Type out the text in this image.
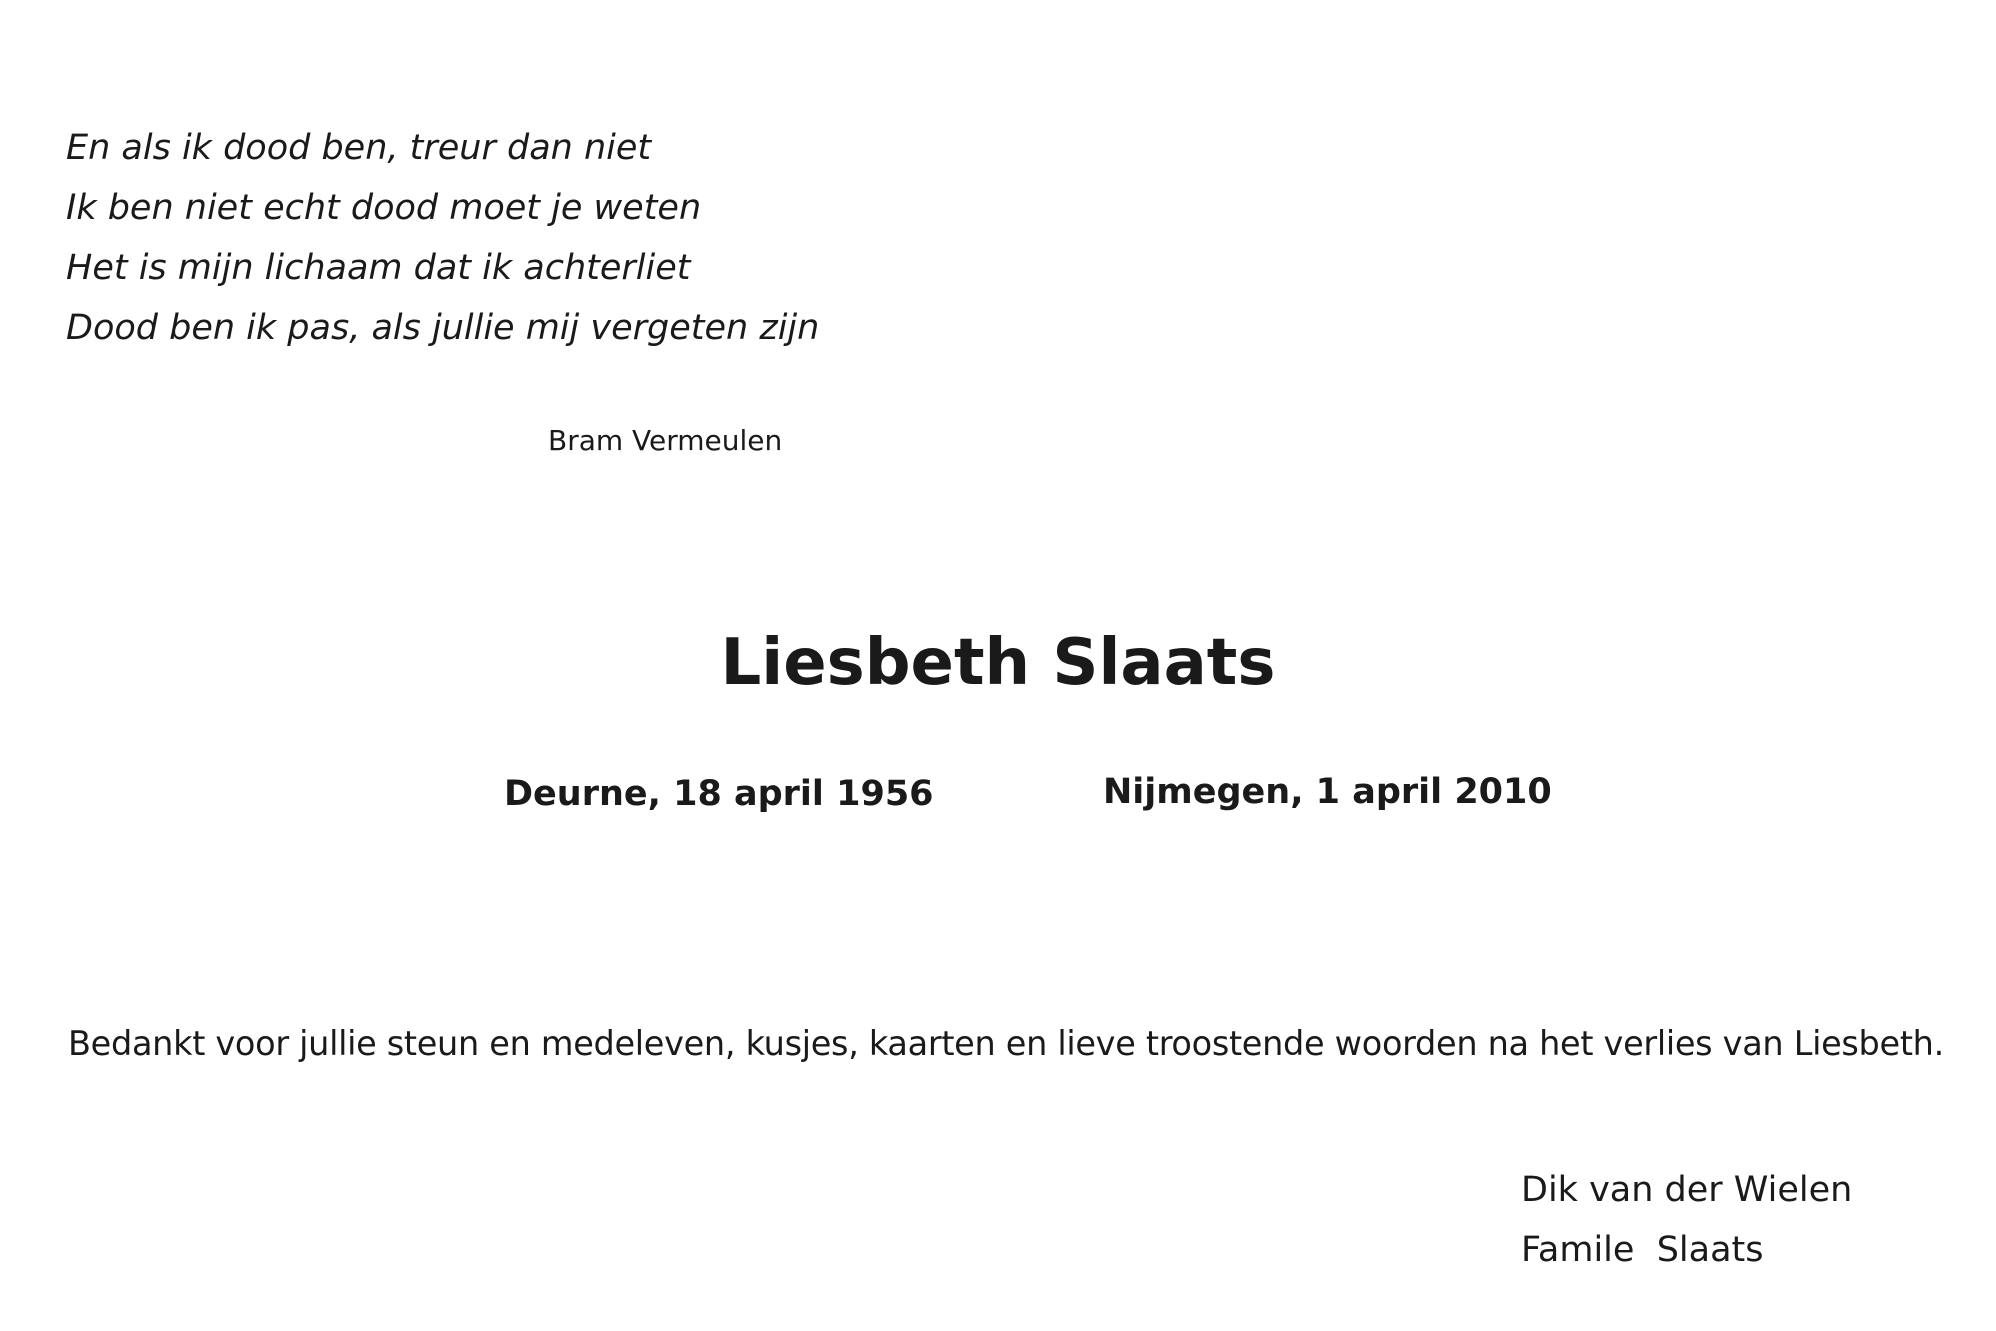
En als ik dood ben, treur dan niet
Ik ben niet echt dood moet je weten
Het is mijn lichaam dat ik achterliet
Dood ben ik pas, als jullie mij vergeten zijn
Bram Vermeulen
Liesbeth Slaats
Deurne, 18 april 1956	Nijmegen, 1 april 2010

Bedankt voor jullie steun en medeleven, kusjes, kaarten en lieve troostende woorden na het verlies van Liesbeth.

Dik van der Wielen
Famile  Slaats
